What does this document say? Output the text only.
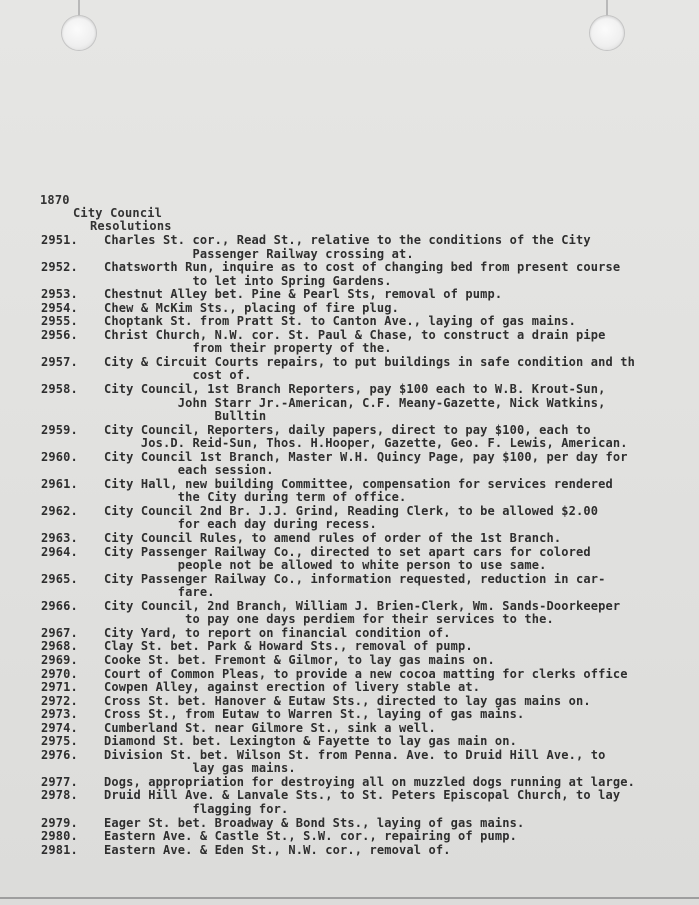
1870
City Council
Resolutions
2951.	Charles St. cor., Read St., relative to the conditions of the City
Passenger Railway crossing at.
2952.	Chatsworth Run, inquire as to cost of changing bed from present course
to let into Spring Gardens.
2953.	Chestnut Alley bet. Pine & Pearl Sts, removal of pump.
2954.	Chew & McKim Sts., placing of fire plug.
2955.	Choptank St. from Pratt St. to Canton Ave., laying of gas mains.
2956.	Christ Church, N.W. cor. St. Paul & Chase, to construct a drain pipe
from their property of the.
2957.	City & Circuit Courts repairs, to put buildings in safe condition and th
cost of.
2958.	City Council, 1st Branch Reporters, pay $100 each to W.B. Krout-Sun,
John Starr Jr.-American, C.F. Meany-Gazette, Nick Watkins,
Bulltin
2959.	City Council, Reporters, daily papers, direct to pay $100, each to
Jos.D. Reid-Sun, Thos. H.Hooper, Gazette, Geo. F. Lewis, American.
2960.	City Council 1st Branch, Master W.H. Quincy Page, pay $100, per day for
each session.
2961.	City Hall, new building Committee, compensation for services rendered
the City during term of office.
2962.	City Council 2nd Br. J.J. Grind, Reading Clerk, to be allowed $2.00
for each day during recess.
2963.	City Council Rules, to amend rules of order of the 1st Branch.
2964.	City Passenger Railway Co., directed to set apart cars for colored
people not be allowed to white person to use same.
2965.	City Passenger Railway Co., information requested, reduction in car-
fare.
2966.	City Council, 2nd Branch, William J. Brien-Clerk, Wm. Sands-Doorkeeper
to pay one days perdiem for their services to the.
2967.	City Yard, to report on financial condition of.
2968.	Clay St. bet. Park & Howard Sts., removal of pump.
2969.	Cooke St. bet. Fremont & Gilmor, to lay gas mains on.
2970.	Court of Common Pleas, to provide a new cocoa matting for clerks office
2971.	Cowpen Alley, against erection of livery stable at.
2972.	Cross St. bet. Hanover & Eutaw Sts., directed to lay gas mains on.
2973.	Cross St., from Eutaw to Warren St., laying of gas mains.
2974.	Cumberland St. near Gilmore St., sink a well.
2975.	Diamond St. bet. Lexington & Fayette to lay gas main on.
2976.	Division St. bet. Wilson St. from Penna. Ave. to Druid Hill Ave., to
lay gas mains.
2977.	Dogs, appropriation for destroying all on muzzled dogs running at large.
2978.	Druid Hill Ave. & Lanvale Sts., to St. Peters Episcopal Church, to lay
flagging for.
2979.	Eager St. bet. Broadway & Bond Sts., laying of gas mains.
2980.	Eastern Ave. & Castle St., S.W. cor., repairing of pump.
2981.	Eastern Ave. & Eden St., N.W. cor., removal of.
